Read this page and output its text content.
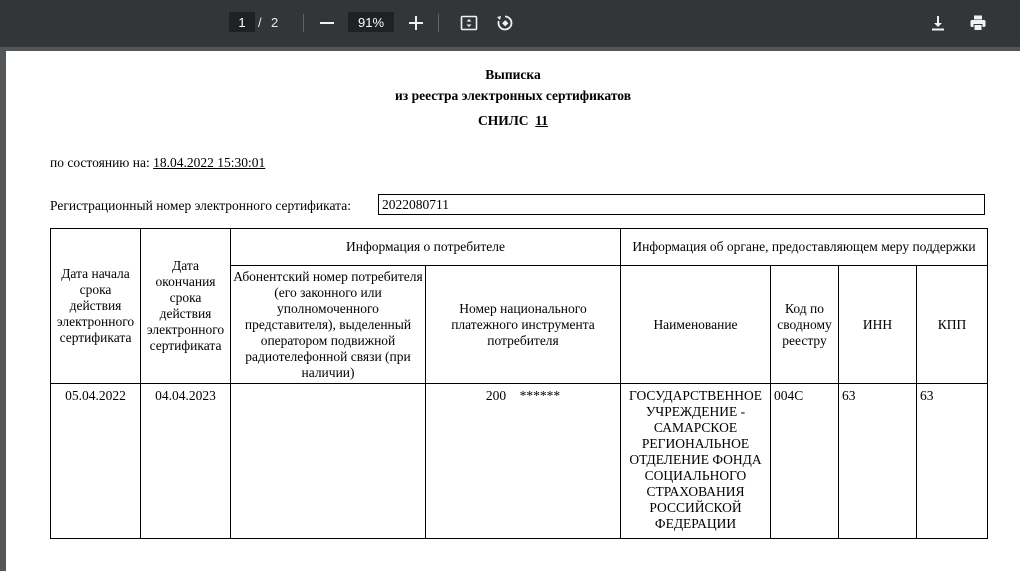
1 / 2	91%
Выписка
из реестра электронных сертификатов
СНИЛС 11
по состоянию на: 18.04.2022 15:30:01
Регистрационный номер электронного сертификата: 2022080711
Дата начала срока действия электронного сертификата	Дата окончания срока действия электронного сертификата	Информация о потребителе		Информация об органе, предоставляющем меру поддержки			
		Абонентский номер потребителя (его законного или уполномоченного представителя), выделенный оператором подвижной радиотелефонной связи (при наличии)	Номер национального платежного инструмента потребителя	Наименование	Код по сводному реестру	ИНН	КПП
05.04.2022	04.04.2023		200    ******	ГОСУДАРСТВЕННОЕ УЧРЕЖДЕНИЕ - САМАРСКОЕ РЕГИОНАЛЬНОЕ ОТДЕЛЕНИЕ ФОНДА СОЦИАЛЬНОГО СТРАХОВАНИЯ РОССИЙСКОЙ ФЕДЕРАЦИИ	004С	63	63
